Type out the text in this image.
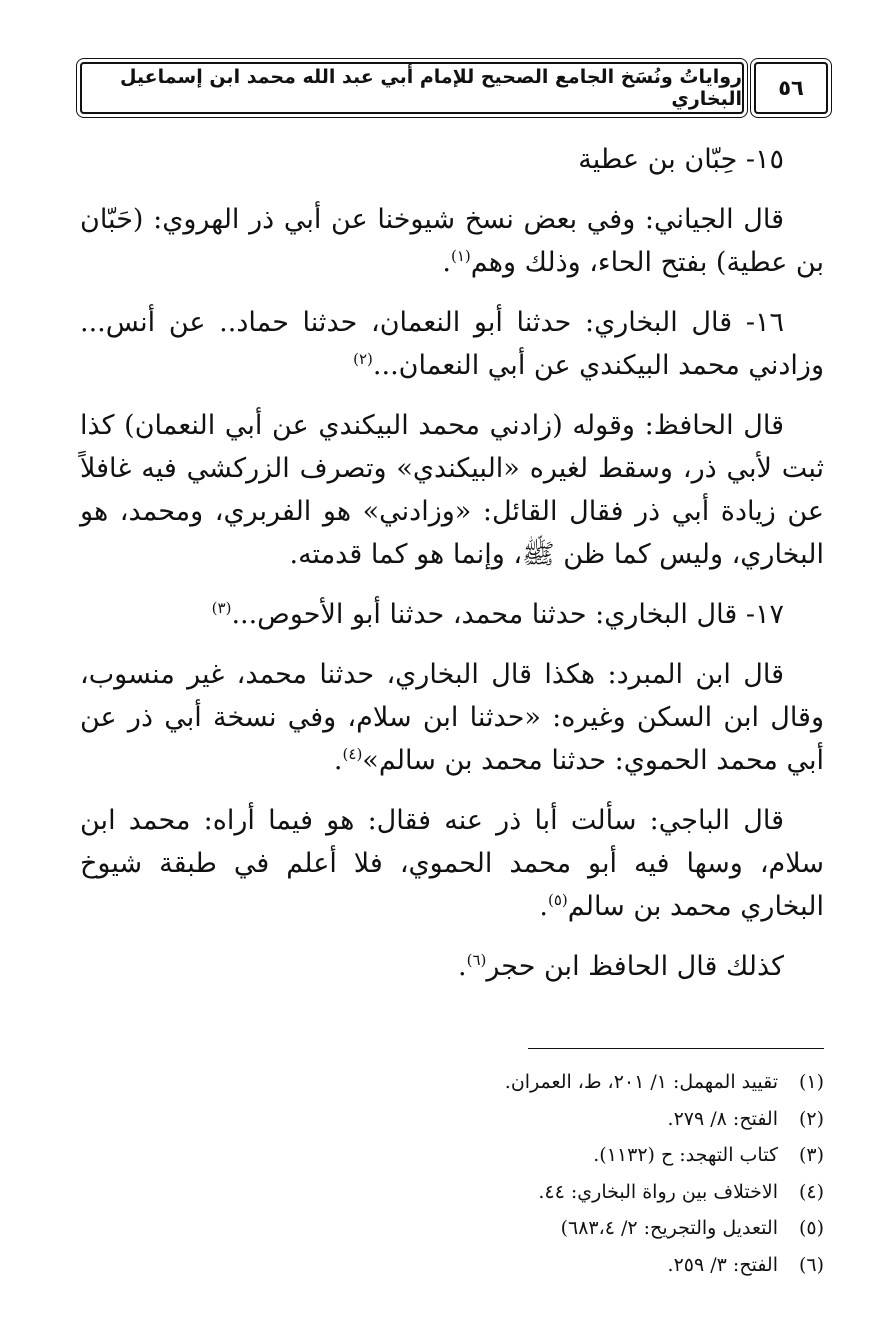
رواياتُ ونُسَخ الجامع الصحيح للإمام أبي عبد الله محمد ابن إسماعيل البخاري ٥٦

١٥- حِبّان بن عطية

قال الجياني: وفي بعض نسخ شيوخنا عن أبي ذر الهروي: (حَبّان بن عطية) بفتح الحاء، وذلك وهم$^{(١)}$.

١٦- قال البخاري: حدثنا أبو النعمان، حدثنا حماد.. عن أنس... وزادني محمد البيكندي عن أبي النعمان...$^{(٢)}$

قال الحافظ: وقوله (زادني محمد البيكندي عن أبي النعمان) كذا ثبت لأبي ذر، وسقط لغيره «البيكندي» وتصرف الزركشي فيه غافلاً عن زيادة أبي ذر فقال القائل: «وزادني» هو الفربري، ومحمد، هو البخاري، وليس كما ظن ﷺ، وإنما هو كما قدمته.

١٧- قال البخاري: حدثنا محمد، حدثنا أبو الأحوص...$^{(٣)}$

قال ابن المبرد: هكذا قال البخاري، حدثنا محمد، غير منسوب، وقال ابن السكن وغيره: «حدثنا ابن سلام، وفي نسخة أبي ذر عن أبي محمد الحموي: حدثنا محمد بن سالم»$^{(٤)}$.

قال الباجي: سألت أبا ذر عنه فقال: هو فيما أراه: محمد ابن سلام، وسها فيه أبو محمد الحموي، فلا أعلم في طبقة شيوخ البخاري محمد بن سالم$^{(٥)}$.

كذلك قال الحافظ ابن حجر$^{(٦)}$.

(١)
تقييد المهمل: ١/ ٢٠١، ط، العمران.
(٢)
الفتح: ٨/ ٢٧٩.
(٣)
كتاب التهجد: ح (١١٣٢).
(٤)
الاختلاف بين رواة البخاري: ٤٤.
(٥)
التعديل والتجريح: ٢/ ٦٨٣،٤)
(٦)
الفتح: ٣/ ٢٥٩.
